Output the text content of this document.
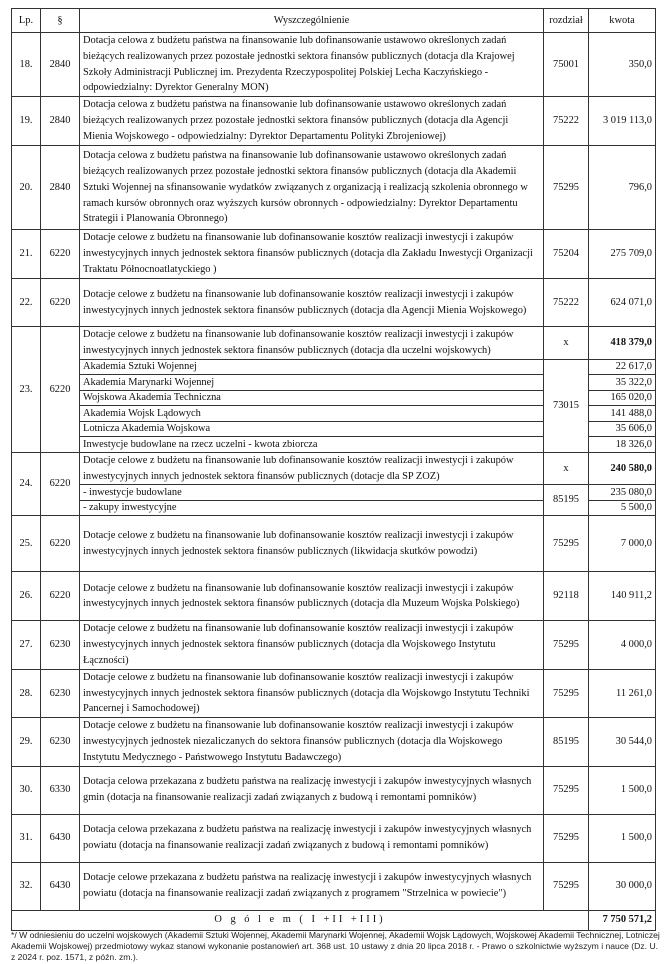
Lp.	§	Wyszczególnienie	rozdział	kwota
18.	2840	Dotacja celowa z budżetu państwa na finansowanie lub dofinansowanie ustawowo określonych zadań bieżących realizowanych przez pozostałe jednostki sektora finansów publicznych (dotacja dla Krajowej Szkoły Administracji Publicznej im. Prezydenta Rzeczypospolitej Polskiej Lecha Kaczyńskiego - odpowiedzialny: Dyrektor Generalny MON)	75001	350,0
19.	2840	Dotacja celowa z budżetu państwa na finansowanie lub dofinansowanie ustawowo określonych zadań bieżących realizowanych przez pozostałe jednostki sektora finansów publicznych (dotacja dla Agencji Mienia Wojskowego - odpowiedzialny: Dyrektor Departamentu Polityki Zbrojeniowej)	75222	3 019 113,0
20.	2840	Dotacja celowa z budżetu państwa na finansowanie lub dofinansowanie ustawowo określonych zadań bieżących realizowanych przez pozostałe jednostki sektora finansów publicznych (dotacja dla Akademii Sztuki Wojennej na sfinansowanie wydatków związanych z organizacją i realizacją szkolenia obronnego w ramach kursów obronnych oraz wyższych kursów obronnych - odpowiedzialny: Dyrektor Departamentu Strategii i Planowania Obronnego)	75295	796,0
21.	6220	Dotacje celowe z budżetu na finansowanie lub dofinansowanie kosztów realizacji inwestycji i zakupów inwestycyjnych innych jednostek sektora finansów publicznych (dotacja dla Zakładu Inwestycji Organizacji Traktatu Północnoatlatyckiego )	75204	275 709,0
22.	6220	Dotacje celowe z budżetu na finansowanie lub dofinansowanie kosztów realizacji inwestycji i zakupów inwestycyjnych innych jednostek sektora finansów publicznych (dotacja dla Agencji Mienia Wojskowego)	75222	624 071,0
23.	6220	Dotacje celowe z budżetu na finansowanie lub dofinansowanie kosztów realizacji inwestycji i zakupów inwestycyjnych innych jednostek sektora finansów publicznych (dotacja dla uczelni wojskowych)	x	418 379,0
		Akademia Sztuki Wojennej	73015	22 617,0
		Akademia Marynarki Wojennej		35 322,0
		Wojskowa Akademia Techniczna		165 020,0
		Akademia Wojsk Lądowych		141 488,0
		Lotnicza Akademia Wojskowa		35 606,0
		Inwestycje budowlane na rzecz uczelni - kwota zbiorcza		18 326,0
24.	6220	Dotacje celowe z budżetu na finansowanie lub dofinansowanie kosztów realizacji inwestycji i zakupów inwestycyjnych innych jednostek sektora finansów publicznych (dotacje dla SP ZOZ)	x	240 580,0
		- inwestycje budowlane	85195	235 080,0
		- zakupy inwestycyjne		5 500,0
25.	6220	Dotacje celowe z budżetu na finansowanie lub dofinansowanie kosztów realizacji inwestycji i zakupów inwestycyjnych innych jednostek sektora finansów publicznych (likwidacja skutków powodzi)	75295	7 000,0
26.	6220	Dotacje celowe z budżetu na finansowanie lub dofinansowanie kosztów realizacji inwestycji i zakupów inwestycyjnych innych jednostek sektora finansów publicznych (dotacja dla Muzeum Wojska Polskiego)	92118	140 911,2
27.	6230	Dotacje celowe z budżetu na finansowanie lub dofinansowanie kosztów realizacji inwestycji i zakupów inwestycyjnych innych jednostek sektora finansów publicznych (dotacja dla Wojskowego Instytutu Łączności)	75295	4 000,0
28.	6230	Dotacje celowe z budżetu na finansowanie lub dofinansowanie kosztów realizacji inwestycji i zakupów inwestycyjnych innych jednostek sektora finansów publicznych (dotacja dla Wojskowgo Instytutu Techniki Pancernej i Samochodowej)	75295	11 261,0
29.	6230	Dotacje celowe z budżetu na finansowanie lub dofinansowanie kosztów realizacji inwestycji i zakupów inwestycyjnych jednostek niezaliczanych do sektora finansów publicznych (dotacja dla Wojskowego Instytutu Medycznego - Państwowego Instytutu Badawczego)	85195	30 544,0
30.	6330	Dotacja celowa przekazana z budżetu państwa na realizację inwestycji i zakupów inwestycyjnych własnych gmin (dotacja na finansowanie realizacji zadań związanych z budową i remontami pomników)	75295	1 500,0
31.	6430	Dotacja celowa przekazana z budżetu państwa na realizację inwestycji i zakupów inwestycyjnych własnych powiatu (dotacja na finansowanie realizacji zadań związanych z budową i remontami pomników)	75295	1 500,0
32.	6430	Dotacje celowe przekazana z budżetu państwa na realizację inwestycji i zakupów inwestycyjnych własnych powiatu (dotacja na finansowanie realizacji zadań związanych z programem "Strzelnica w powiecie")	75295	30 000,0
O g ó l e m ( I +II +III)				7 750 571,2
*/ W odniesieniu do uczelni wojskowych (Akademii Sztuki Wojennej, Akademii Marynarki Wojennej, Akademii Wojsk Lądowych, Wojskowej Akademii Technicznej, Lotniczej Akademii Wojskowej) przedmiotowy wykaz stanowi wykonanie postanowień art. 368 ust. 10 ustawy z dnia 20 lipca 2018 r. - Prawo o szkolnictwie wyższym i nauce (Dz. U. z 2024 r. poz. 1571, z późn. zm.).
